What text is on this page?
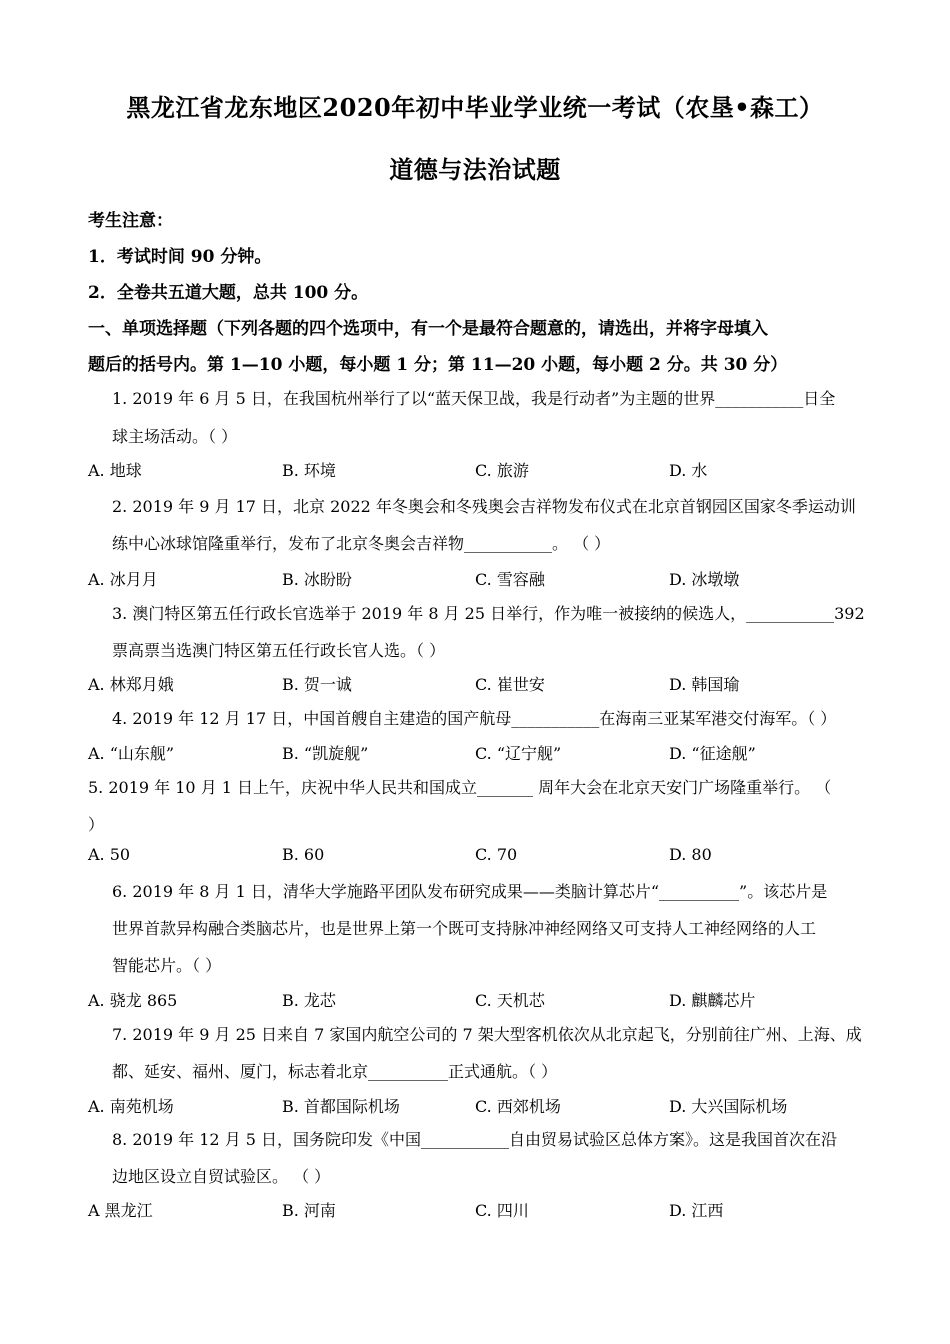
黑龙江省龙东地区2020年初中毕业学业统一考试（农垦•森工）
道德与法治试题
考生注意：
1．考试时间 90 分钟。
2．全卷共五道大题，总共 100 分。
一、单项选择题（下列各题的四个选项中，有一个是最符合题意的，请选出，并将字母填入
题后的括号内。第 1—10 小题，每小题 1 分；第 11—20 小题，每小题 2 分。共 30 分）
1. 2019 年 6 月 5 日，在我国杭州举行了以“蓝天保卫战，我是行动者”为主题的世界___________日全
球主场活动。（ ）
A. 地球	B. 环境	C. 旅游	D. 水
2. 2019 年 9 月 17 日，北京 2022 年冬奥会和冬残奥会吉祥物发布仪式在北京首钢园区国家冬季运动训
练中心冰球馆隆重举行，发布了北京冬奥会吉祥物___________。 （ ）
A. 冰月月	B. 冰盼盼	C. 雪容融	D. 冰墩墩
3. 澳门特区第五任行政长官选举于 2019 年 8 月 25 日举行，作为唯一被接纳的候选人，___________392
票高票当选澳门特区第五任行政长官人选。（ ）
A. 林郑月娥	B. 贺一诚	C. 崔世安	D. 韩国瑜
4. 2019 年 12 月 17 日，中国首艘自主建造的国产航母___________在海南三亚某军港交付海军。（ ）
A. “山东舰”	B. “凯旋舰”	C. “辽宁舰”	D. “征途舰”
5. 2019 年 10 月 1 日上午，庆祝中华人民共和国成立_______ 周年大会在北京天安门广场隆重举行。 （
）
A. 50	B. 60	C. 70	D. 80
6. 2019 年 8 月 1 日，清华大学施路平团队发布研究成果——类脑计算芯片“__________”。该芯片是
世界首款异构融合类脑芯片，也是世界上第一个既可支持脉冲神经网络又可支持人工神经网络的人工
智能芯片。（ ）
A. 骁龙 865	B. 龙芯	C. 天机芯	D. 麒麟芯片
7. 2019 年 9 月 25 日来自 7 家国内航空公司的 7 架大型客机依次从北京起飞，分别前往广州、上海、成
都、延安、福州、厦门，标志着北京__________正式通航。（ ）
A. 南苑机场	B. 首都国际机场	C. 西郊机场	D. 大兴国际机场
8. 2019 年 12 月 5 日，国务院印发《中国___________自由贸易试验区总体方案》。这是我国首次在沿
边地区设立自贸试验区。 （ ）
A 黑龙江	B. 河南	C. 四川	D. 江西
